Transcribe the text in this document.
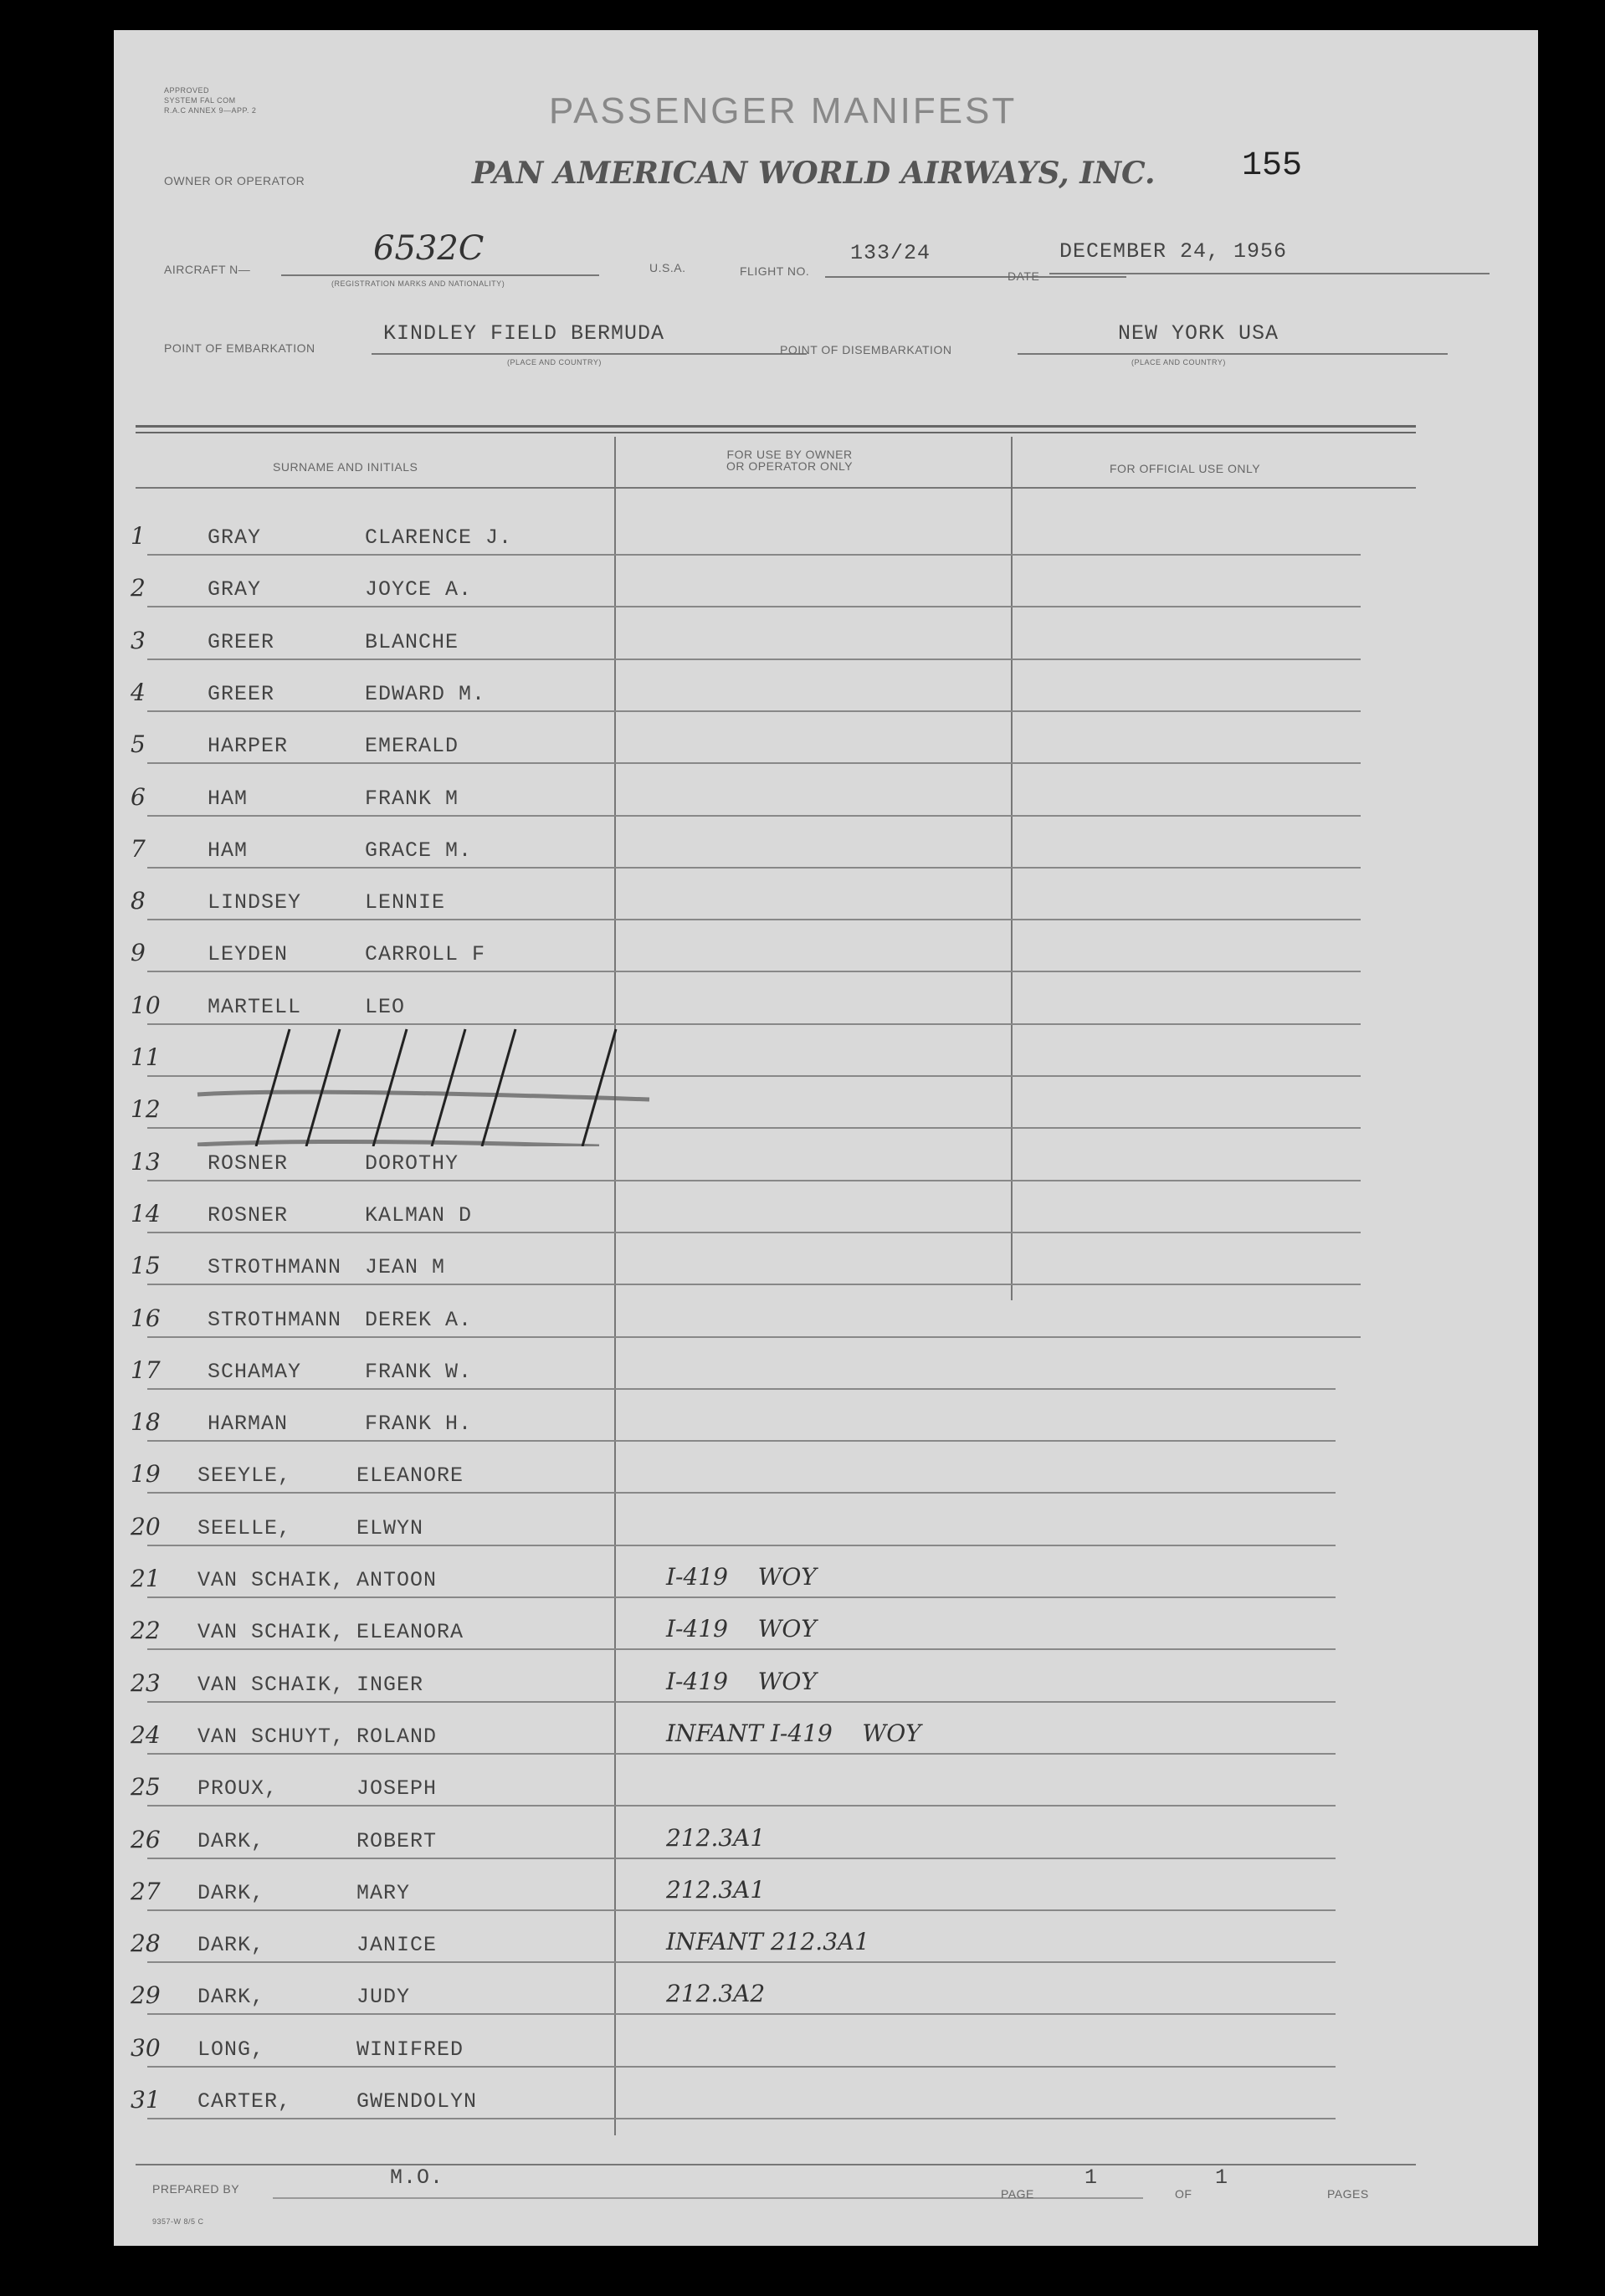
APPROVED
SYSTEM FAL COM
R.A.C ANNEX 9—APP. 2	PASSENGER MANIFEST
OWNER OR OPERATOR	PAN AMERICAN WORLD AIRWAYS, INC.	155
AIRCRAFT N—
6532C
(REGISTRATION MARKS AND NATIONALITY)
U.S.A.	FLIGHT NO.
133/24
DATE
DECEMBER 24, 1956
POINT OF EMBARKATION
KINDLEY FIELD BERMUDA
(PLACE AND COUNTRY)
POINT OF DISEMBARKATION
NEW YORK USA
(PLACE AND COUNTRY)
SURNAME AND INITIALS
FOR USE BY OWNER
OR OPERATOR ONLY	FOR OFFICIAL USE ONLY
1	GRAY	CLARENCE J.
2	GRAY	JOYCE A.
3	GREER	BLANCHE
4	GREER	EDWARD M.
5	HARPER	EMERALD
6	HAM	FRANK M
7	HAM	GRACE M.
8	LINDSEY	LENNIE
9	LEYDEN	CARROLL F
10 MARTELL	LEO
11
12
13 ROSNER	DOROTHY
14 ROSNER	KALMAN D
15 STROTHMANN JEAN M
16 STROTHMANN DEREK A.
17 SCHAMAY	FRANK W.
18 HARMAN	FRANK H.
19 SEEYLE,	ELEANORE
20 SEELLE,	ELWYN
21 VAN SCHAIK, ANTOON	I-419    WOY
22 VAN SCHAIK, ELEANORA	I-419    WOY
23 VAN SCHAIK, INGER	I-419    WOY
24 VAN SCHUYT, ROLAND	INFANT I-419    WOY
25 PROUX,	JOSEPH
26 DARK,	ROBERT	212.3A1
27 DARK,	MARY	212.3A1
28 DARK,	JANICE	INFANT 212.3A1
29 DARK,	JUDY	212.3A2
30 LONG,	WINIFRED
31 CARTER,	GWENDOLYN
PREPARED BY	M.O.
PAGE
1
OF
1
PAGES
9357-W 8/5 C
